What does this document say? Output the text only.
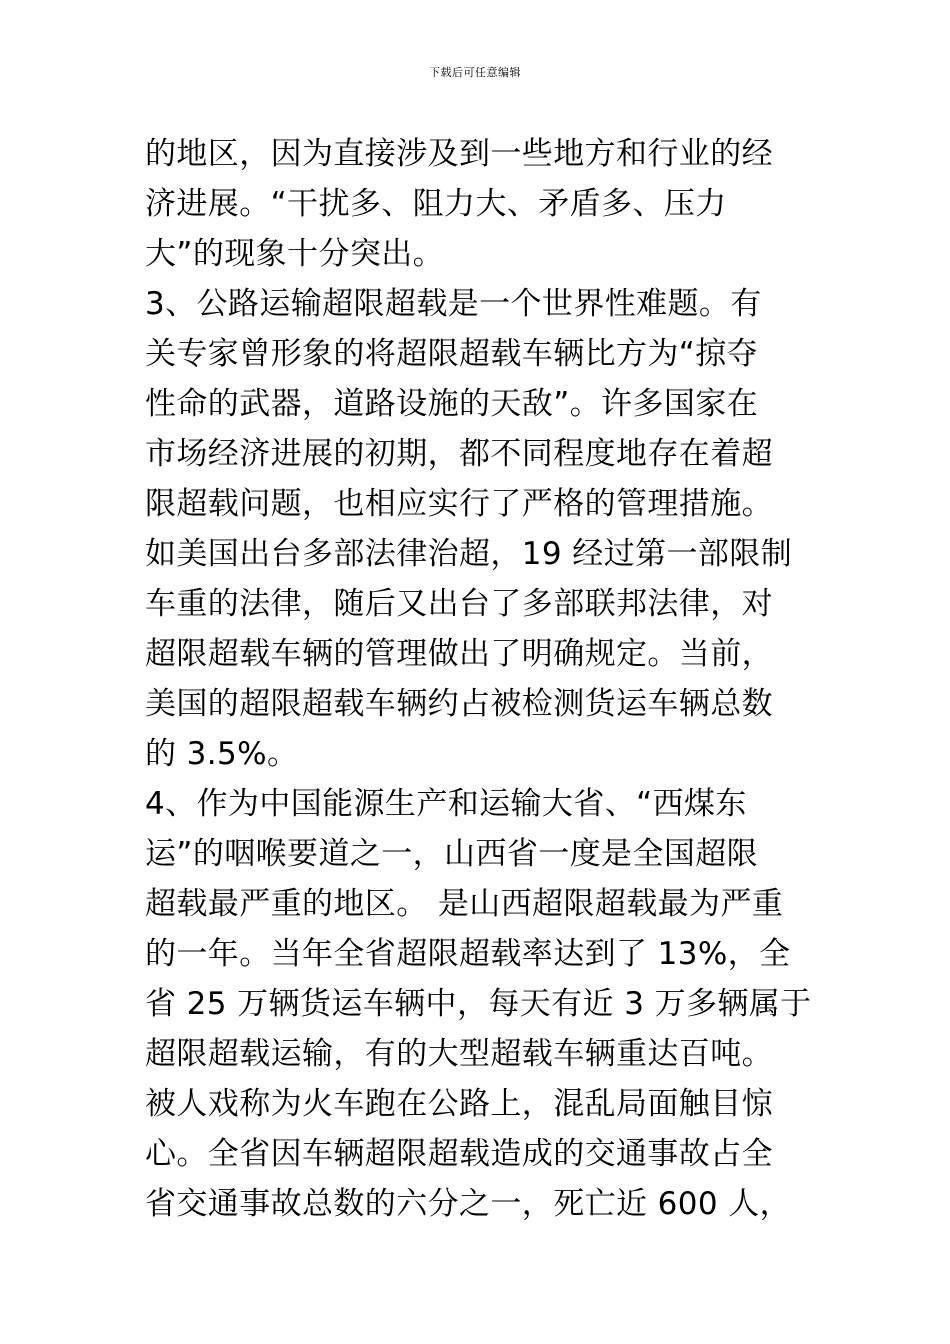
下载后可任意编辑
的地区，因为直接涉及到一些地方和行业的经
济进展。“干扰多、阻力大、矛盾多、压力
大”的现象十分突出。
3、公路运输超限超载是一个世界性难题。有
关专家曾形象的将超限超载车辆比方为“掠夺
性命的武器，道路设施的天敌”。许多国家在
市场经济进展的初期，都不同程度地存在着超
限超载问题，也相应实行了严格的管理措施。
如美国出台多部法律治超，19 经过第一部限制
车重的法律，随后又出台了多部联邦法律，对
超限超载车辆的管理做出了明确规定。当前，
美国的超限超载车辆约占被检测货运车辆总数
的 3.5%。
4、作为中国能源生产和运输大省、“西煤东
运”的咽喉要道之一，山西省一度是全国超限
超载最严重的地区。 是山西超限超载最为严重
的一年。当年全省超限超载率达到了 13%，全
省 25 万辆货运车辆中，每天有近 3 万多辆属于
超限超载运输，有的大型超载车辆重达百吨。
被人戏称为火车跑在公路上，混乱局面触目惊
心。全省因车辆超限超载造成的交通事故占全
省交通事故总数的六分之一，死亡近 600 人，
